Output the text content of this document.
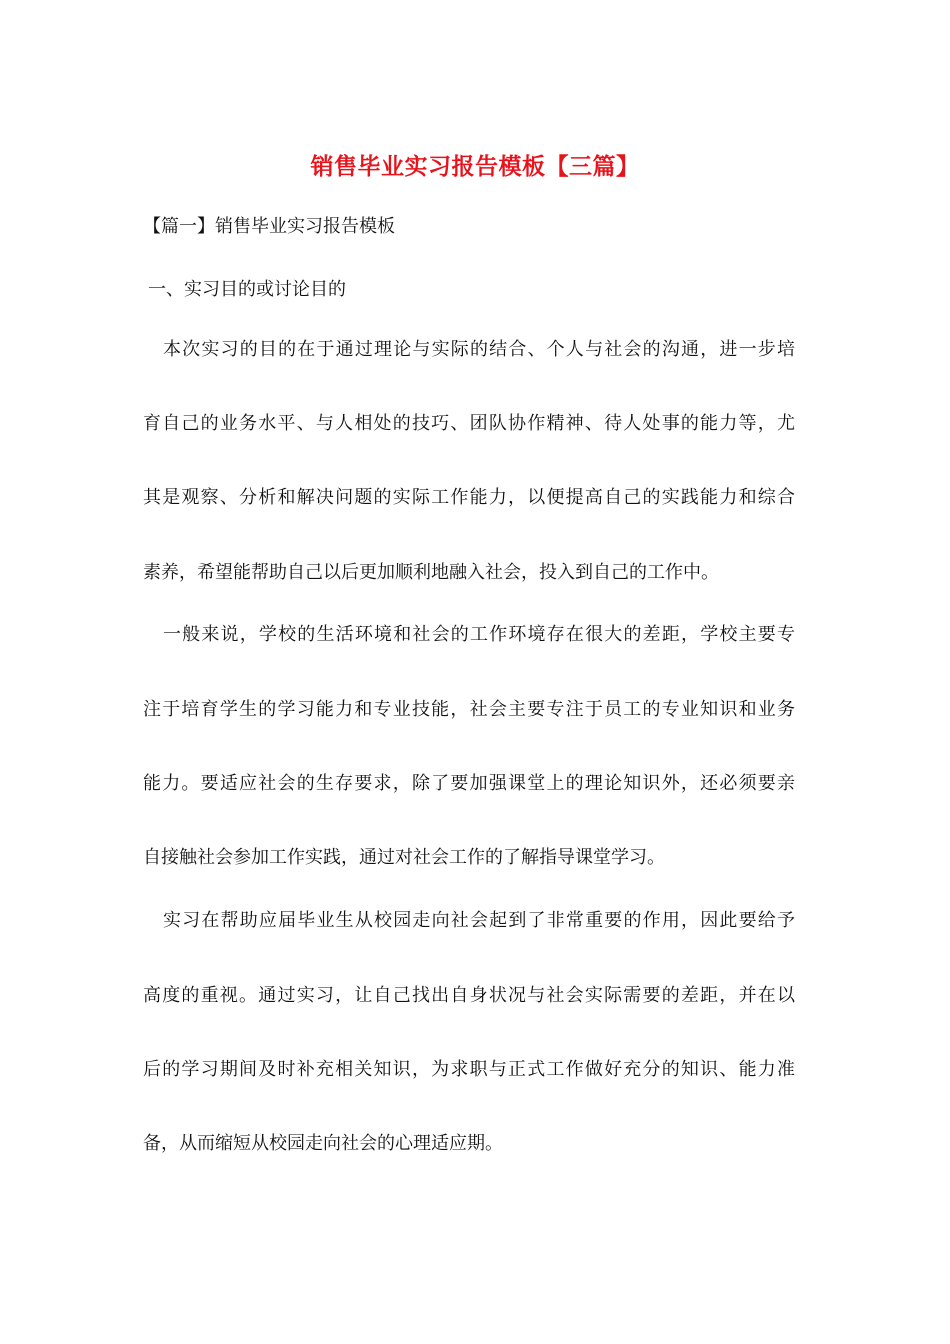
销售毕业实习报告模板【三篇】
【篇一】销售毕业实习报告模板
一、实习目的或讨论目的
本次实习的目的在于通过理论与实际的结合、个人与社会的沟通，进一步培
育自己的业务水平、与人相处的技巧、团队协作精神、待人处事的能力等，尤
其是观察、分析和解决问题的实际工作能力，以便提高自己的实践能力和综合
素养，希望能帮助自己以后更加顺利地融入社会，投入到自己的工作中。
一般来说，学校的生活环境和社会的工作环境存在很大的差距，学校主要专
注于培育学生的学习能力和专业技能，社会主要专注于员工的专业知识和业务
能力。要适应社会的生存要求，除了要加强课堂上的理论知识外，还必须要亲
自接触社会参加工作实践，通过对社会工作的了解指导课堂学习。
实习在帮助应届毕业生从校园走向社会起到了非常重要的作用，因此要给予
高度的重视。通过实习，让自己找出自身状况与社会实际需要的差距，并在以
后的学习期间及时补充相关知识，为求职与正式工作做好充分的知识、能力准
备，从而缩短从校园走向社会的心理适应期。
